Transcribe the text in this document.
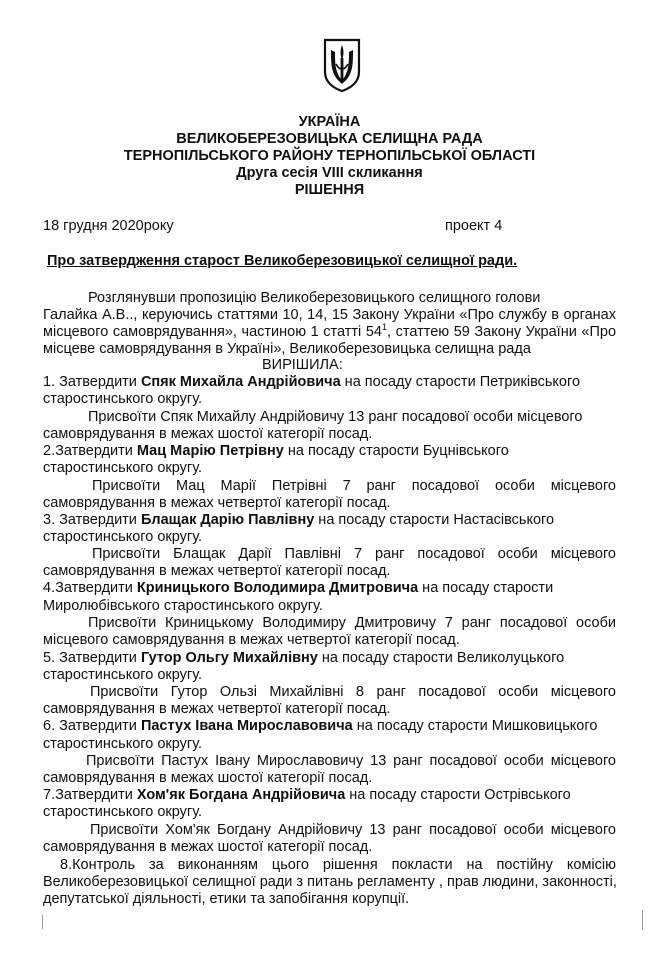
УКРАЇНА
ВЕЛИКОБЕРЕЗОВИЦЬКА СЕЛИЩНА РАДА
ТЕРНОПІЛЬСЬКОГО РАЙОНУ ТЕРНОПІЛЬСЬКОЇ ОБЛАСТІ
Друга сесія VIII скликання
РІШЕННЯ
18 грудня 2020року	проект 4
Про затвердження старост Великоберезовицької селищної ради.
Розглянувши пропозицію Великоберезовицького селищного голови
Галайка А.В.., керуючись статтями 10, 14, 15 Закону України «Про службу в органах
місцевого самоврядування», частиною 1 статті $54^1$, статтею 59 Закону України «Про
місцеве самоврядування в Україні», Великоберезовицька селищна рада
ВИРІШИЛА:
1. Затвердити Спяк Михайла Андрійовича на посаду старости Петриківського
старостинського округу.
Присвоїти Спяк Михайлу Андрійовичу 13 ранг посадової особи місцевого
самоврядування в межах шостої категорії посад.
2.Затвердити Мац Марію Петрівну на посаду старости Буцнівського
старостинського округу.
Присвоїти Мац Марії Петрівні 7 ранг посадової особи місцевого
самоврядування в межах четвертої категорії посад.
3. Затвердити Блащак Дарію Павлівну на посаду старости Настасівського
старостинського округу.
Присвоїти Блащак Дарії Павлівні 7 ранг посадової особи місцевого
самоврядування в межах четвертої категорії посад.
4.Затвердити Криницького Володимира Дмитровича на посаду старости
Миролюбівського старостинського округу.
Присвоїти Криницькому Володимиру Дмитровичу 7 ранг посадової особи
місцевого самоврядування в межах четвертої категорії посад.
5. Затвердити Гутор Ольгу Михайлівну на посаду старости Великолуцького
старостинського округу.
Присвоїти Гутор Ользі Михайлівні 8 ранг посадової особи місцевого
самоврядування в межах четвертої категорії посад.
6. Затвердити Пастух Івана Мирославовича на посаду старости Мишковицького
старостинського округу.
Присвоїти Пастух Івану Мирославовичу 13 ранг посадової особи місцевого
самоврядування в межах шостої категорії посад.
7.Затвердити Хом'як Богдана Андрійовича на посаду старости Острівського
старостинського округу.
Присвоїти Хом'як Богдану Андрійовичу 13 ранг посадової особи місцевого
самоврядування в межах шостої категорії посад.
8.Контроль за виконанням цього рішення покласти на постійну комісію
Великоберезовицької селищної ради з питань регламенту , прав людини, законності,
депутатської діяльності, етики та запобігання корупції.
